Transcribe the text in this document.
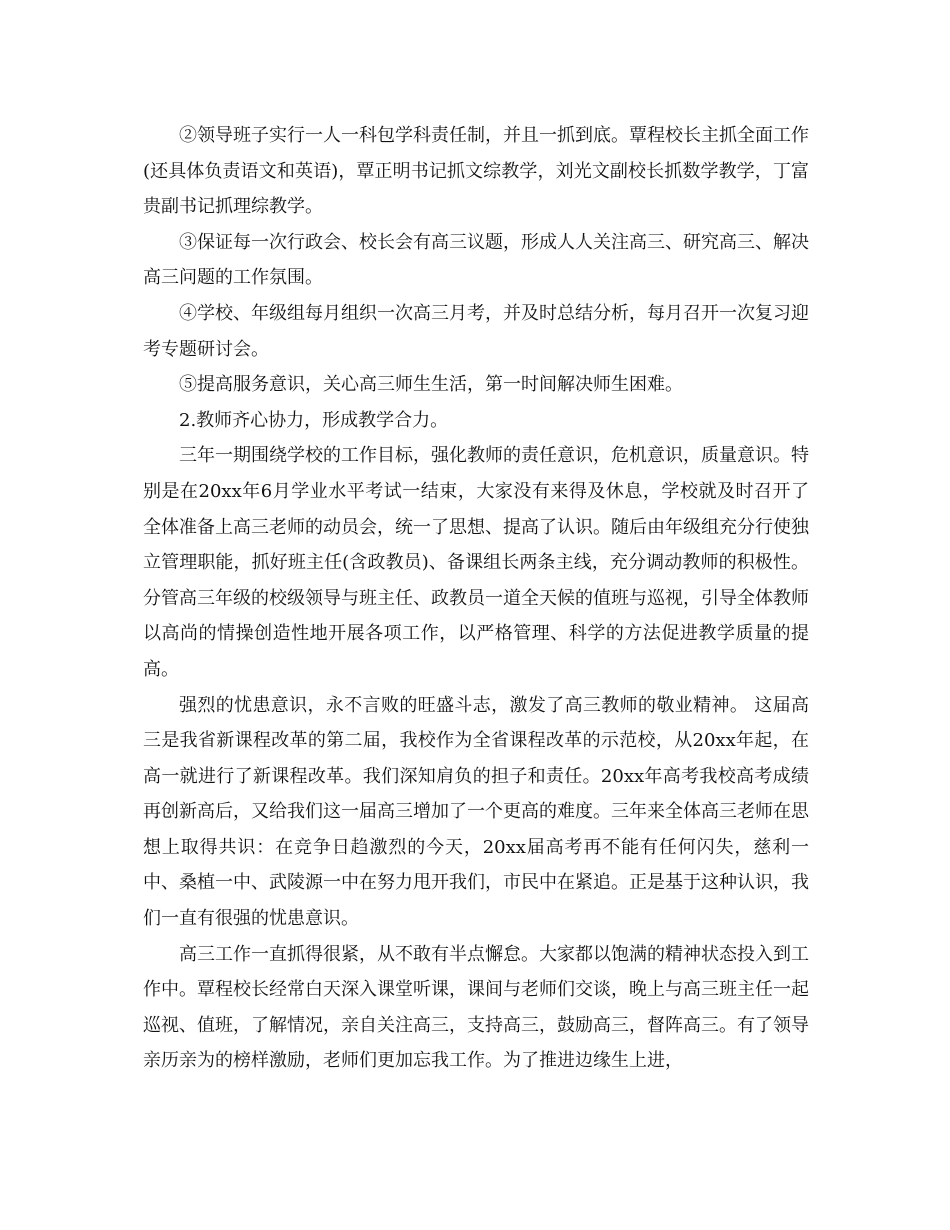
②领导班子实行一人一科包学科责任制，并且一抓到底。覃程校长主抓全面工作(还具体负责语文和英语)，覃正明书记抓文综教学，刘光文副校长抓数学教学，丁富贵副书记抓理综教学。

③保证每一次行政会、校长会有高三议题，形成人人关注高三、研究高三、解决高三问题的工作氛围。

④学校、年级组每月组织一次高三月考，并及时总结分析，每月召开一次复习迎考专题研讨会。

⑤提高服务意识，关心高三师生生活，第一时间解决师生困难。

2.教师齐心协力，形成教学合力。

三年一期围绕学校的工作目标，强化教师的责任意识，危机意识，质量意识。特别是在20xx年6月学业水平考试一结束，大家没有来得及休息，学校就及时召开了全体准备上高三老师的动员会，统一了思想、提高了认识。随后由年级组充分行使独立管理职能，抓好班主任(含政教员)、备课组长两条主线，充分调动教师的积极性。分管高三年级的校级领导与班主任、政教员一道全天候的值班与巡视，引导全体教师以高尚的情操创造性地开展各项工作，以严格管理、科学的方法促进教学质量的提高。

强烈的忧患意识，永不言败的旺盛斗志，激发了高三教师的敬业精神。 这届高三是我省新课程改革的第二届，我校作为全省课程改革的示范校，从20xx年起，在高一就进行了新课程改革。我们深知肩负的担子和责任。20xx年高考我校高考成绩再创新高后，又给我们这一届高三增加了一个更高的难度。三年来全体高三老师在思想上取得共识：在竞争日趋激烈的今天，20xx届高考再不能有任何闪失，慈利一中、桑植一中、武陵源一中在努力甩开我们，市民中在紧追。正是基于这种认识，我们一直有很强的忧患意识。

高三工作一直抓得很紧，从不敢有半点懈怠。大家都以饱满的精神状态投入到工作中。覃程校长经常白天深入课堂听课，课间与老师们交谈，晚上与高三班主任一起巡视、值班，了解情况，亲自关注高三，支持高三，鼓励高三，督阵高三。有了领导亲历亲为的榜样激励，老师们更加忘我工作。为了推进边缘生上进，
